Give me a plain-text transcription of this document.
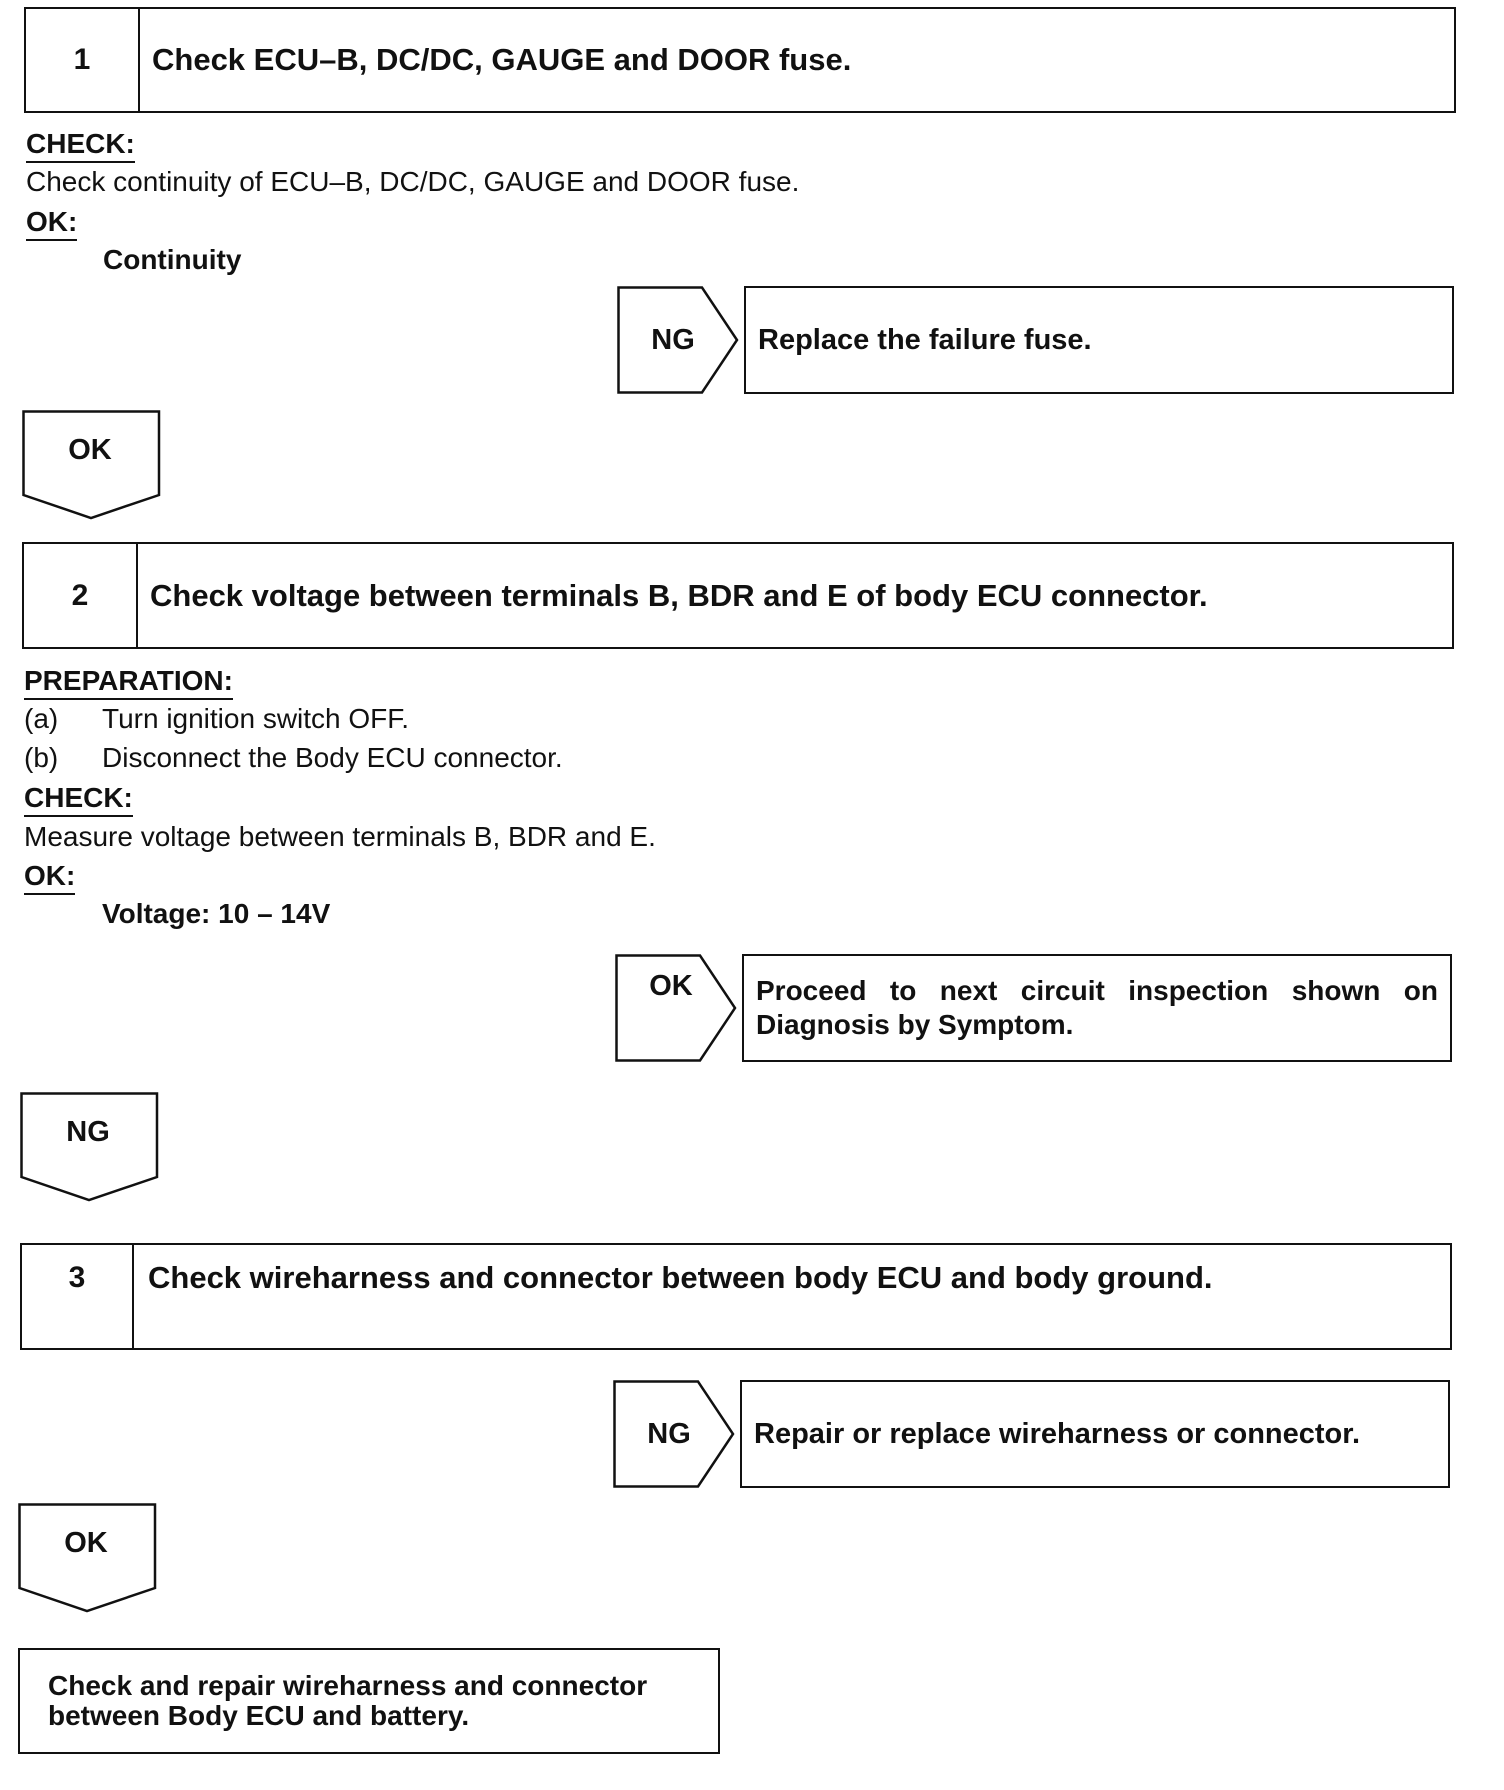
1	Check ECU–B, DC/DC, GAUGE and DOOR fuse.
CHECK:
Check continuity of ECU–B, DC/DC, GAUGE and DOOR fuse.
OK:
Continuity
NG	Replace the failure fuse.
OK
2	Check voltage between terminals B, BDR and E of body ECU connector.
PREPARATION:
(a) Turn ignition switch OFF.
(b) Disconnect the Body ECU connector.
CHECK:
Measure voltage between terminals B, BDR and E.
OK:
Voltage: 10 – 14V
OK	Proceed to next circuit inspection shown on
Diagnosis by Symptom.
NG
3	Check wireharness and connector between body ECU and body ground.
NG	Repair or replace wireharness or connector.
OK
Check and repair wireharness and connector
between Body ECU and battery.
